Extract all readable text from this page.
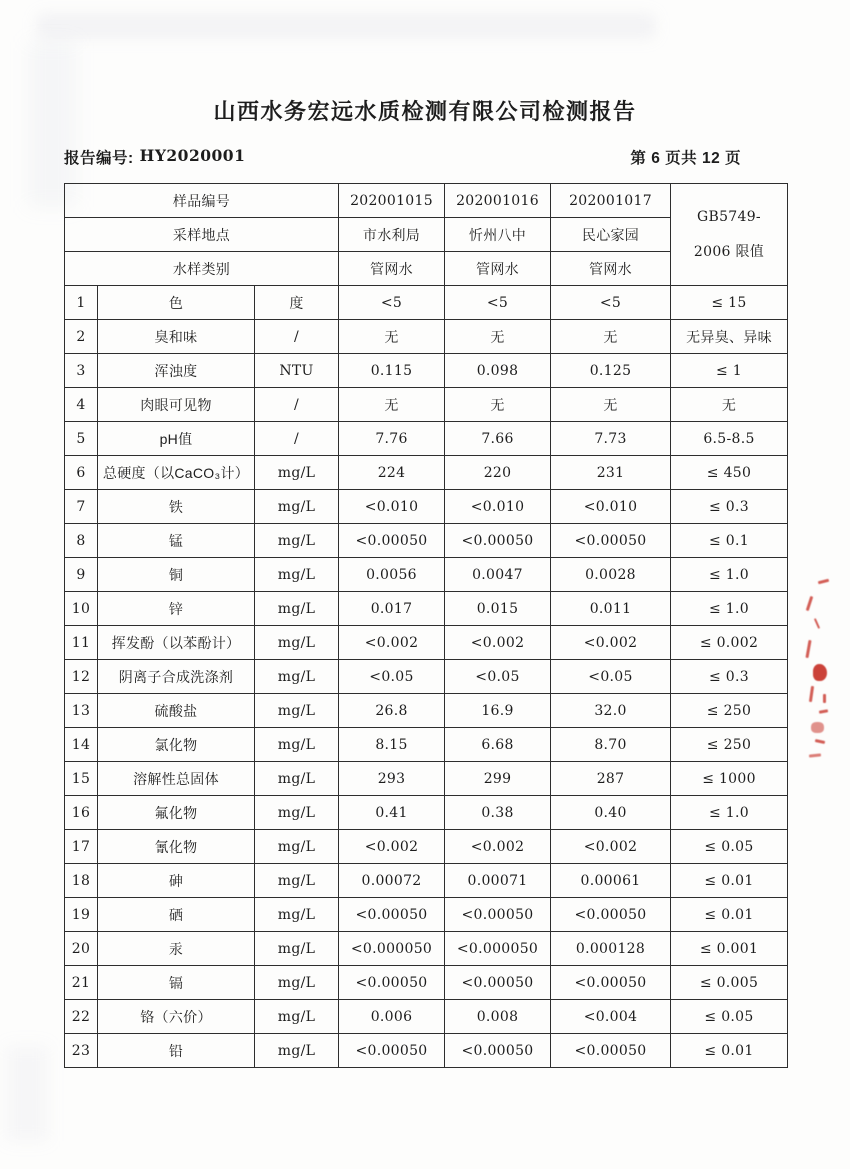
山西水务宏远水质检测有限公司检测报告
报告编号: HY2020001	第 6 页共 12 页
样品编号			202001015	202001016	202001017	GB5749-
2006 限值

采样地点			市水利局	忻州八中	民心家园	
水样类别			管网水	管网水	管网水	
1	色	度	<5	<5	<5	≤ 15
2	臭和味	/	无	无	无	无异臭、异味
3	浑浊度	NTU	0.115	0.098	0.125	≤ 1
4	肉眼可见物	/	无	无	无	无
5	pH值	/	7.76	7.66	7.73	6.5-8.5
6	总硬度（以CaCO₃计）	mg/L	224	220	231	≤ 450
7	铁	mg/L	<0.010	<0.010	<0.010	≤ 0.3
8	锰	mg/L	<0.00050	<0.00050	<0.00050	≤ 0.1
9	铜	mg/L	0.0056	0.0047	0.0028	≤ 1.0
10	锌	mg/L	0.017	0.015	0.011	≤ 1.0
11	挥发酚（以苯酚计）	mg/L	<0.002	<0.002	<0.002	≤ 0.002
12	阴离子合成洗涤剂	mg/L	<0.05	<0.05	<0.05	≤ 0.3
13	硫酸盐	mg/L	26.8	16.9	32.0	≤ 250
14	氯化物	mg/L	8.15	6.68	8.70	≤ 250
15	溶解性总固体	mg/L	293	299	287	≤ 1000
16	氟化物	mg/L	0.41	0.38	0.40	≤ 1.0
17	氰化物	mg/L	<0.002	<0.002	<0.002	≤ 0.05
18	砷	mg/L	0.00072	0.00071	0.00061	≤ 0.01
19	硒	mg/L	<0.00050	<0.00050	<0.00050	≤ 0.01
20	汞	mg/L	<0.000050	<0.000050	0.000128	≤ 0.001
21	镉	mg/L	<0.00050	<0.00050	<0.00050	≤ 0.005
22	铬（六价）	mg/L	0.006	0.008	<0.004	≤ 0.05
23	铅	mg/L	<0.00050	<0.00050	<0.00050	≤ 0.01
